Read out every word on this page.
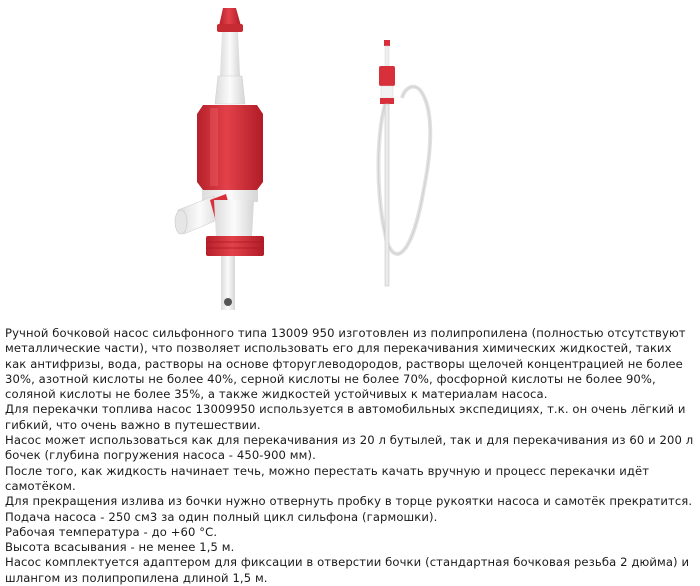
Ручной бочковой насос сильфонного типа 13009 950 изготовлен из полипропилена (полностью отсутствуют металлические части), что позволяет использовать его для перекачивания химических жидкостей, таких как антифризы, вода, растворы на основе фторуглеводородов, растворы щелочей концентрацией не более 30%, азотной кислоты не более 40%, серной кислоты не более 70%, фосфорной кислоты не более 90%, соляной кислоты не более 35%, а также жидкостей устойчивых к материалам насоса.

Для перекачки топлива насос 13009950 используется в автомобильных экспедициях, т.к. он очень лёгкий и гибкий, что очень важно в путешествии.

Насос может использоваться как для перекачивания из 20 л бутылей, так и для перекачивания из 60 и 200 л бочек (глубина погружения насоса - 450-900 мм).

После того, как жидкость начинает течь, можно перестать качать вручную и процесс перекачки идёт самотёком.

Для прекращения излива из бочки нужно отвернуть пробку в торце рукоятки насоса и самотёк прекратится.

Подача насоса - 250 см3 за один полный цикл сильфона (гармошки).

Рабочая температура - до +60 °С.

Высота всасывания - не менее 1,5 м.

Насос комплектуется адаптером для фиксации в отверстии бочки (стандартная бочковая резьба 2 дюйма) и шлангом из полипропилена длиной 1,5 м.
